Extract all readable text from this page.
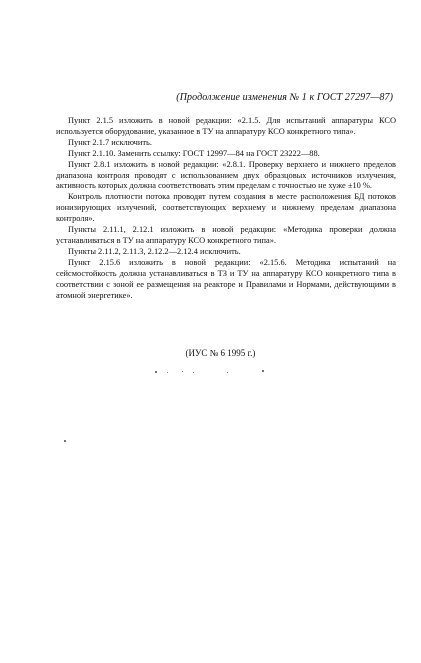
(Продолжение изменения № 1 к ГОСТ 27297—87)

Пункт 2.1.5 изложить в новой редакции: «2.1.5. Для испытаний аппаратуры КСО используется оборудование, указанное в ТУ на аппаратуру КСО конкретного типа».

Пункт 2.1.7 исключить.

Пункт 2.1.10. Заменить ссылку: ГОСТ 12997—84 на ГОСТ 23222—88.

Пункт 2.8.1 изложить в новой редакции: «2.8.1. Проверку верхнего и нижнего пределов диапазона контроля проводят с использованием двух образцовых источников излучения, активность которых должна соответствовать этим пределам с точностью не хуже ±10 %.

Контроль плотности потока проводят путем создания в месте расположения БД потоков ионизирующих излучений, соответствующих верхнему и нижнему пределам диапазона контроля».

Пункты 2.11.1, 2.12.1 изложить в новой редакции: «Методика проверки должна устанавливаться в ТУ на аппаратуру КСО конкретного типа».

Пункты 2.11.2, 2.11.3, 2.12.2—2.12.4 исключить.

Пункт 2.15.6 изложить в новой редакции: «2.15.6. Методика испытаний на сейсмостойкость должна устанавливаться в ТЗ и ТУ на аппаратуру КСО конкретного типа в соответствии с зоной ее размещения на реакторе и Правилами и Нормами, действующими в атомной энергетике».

(ИУС № 6 1995 г.)
